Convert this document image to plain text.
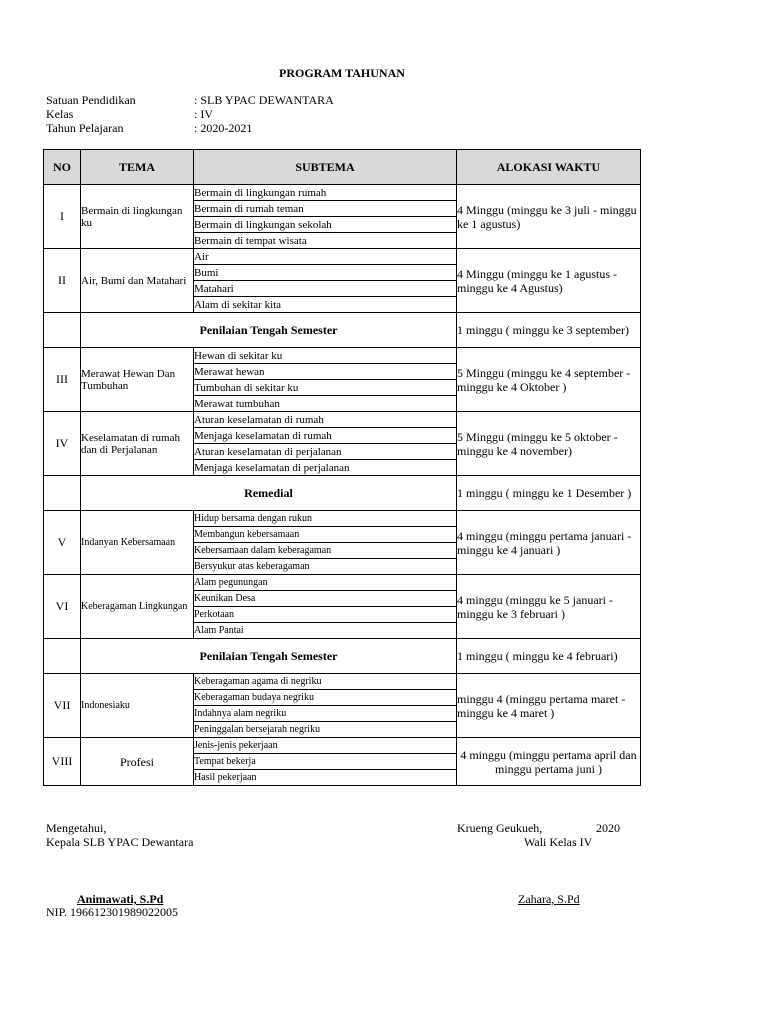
PROGRAM TAHUNAN
Satuan Pendidikan	: SLB YPAC DEWANTARA
Kelas	: IV
Tahun Pelajaran	: 2020-2021
NO	TEMA	SUBTEMA	ALOKASI WAKTU
I	Bermain di lingkungan ku	Bermain di lingkungan rumah	4 Minggu (minggu ke 3 juli - minggu ke 1 agustus)
		Bermain di rumah teman	
		Bermain di lingkungan sekolah	
		Bermain di tempat wisata	
II	Air, Bumi dan Matahari	Air	4 Minggu (minggu ke 1 agustus - minggu ke 4 Agustus)
		Bumi	
		Matahari	
		Alam di sekitar kita	
	Penilaian Tengah Semester		1 minggu ( minggu ke 3 september)
III	Merawat Hewan Dan Tumbuhan	Hewan di sekitar ku	5 Minggu (minggu ke 4 september - minggu ke 4 Oktober )
		Merawat hewan	
		Tumbuhan di sekitar ku	
		Merawat tumbuhan	
IV	Keselamatan di rumah dan di Perjalanan	Aturan keselamatan di rumah	5 Minggu (minggu ke 5 oktober - minggu ke 4 november)
		Menjaga keselamatan di rumah	
		Aturan keselamatan di perjalanan	
		Menjaga keselamatan di perjalanan	
	Remedial		1 minggu ( minggu ke 1 Desember )
V	Indanyan Kebersamaan	Hidup bersama dengan rukun	4 minggu (minggu pertama januari - minggu ke 4 januari )
		Membangun kebersamaan	
		Kebersamaan dalam keberagaman	
		Bersyukur atas keberagaman	
VI	Keberagaman Lingkungan	Alam pegunungan	4 minggu (minggu ke 5 januari - minggu ke 3 februari )
		Keunikan Desa	
		Perkotaan	
		Alam Pantai	
	Penilaian Tengah Semester		1 minggu ( minggu ke 4 februari)
VII	Indonesiaku	Keberagaman agama di negriku	minggu 4 (minggu pertama maret - minggu ke 4 maret )
		Keberagaman budaya negriku	
		Indahnya alam negriku	
		Peninggalan bersejarah negriku	
VIII	Profesi	Jenis-jenis pekerjaan	4 minggu (minggu pertama april dan minggu pertama juni )
		Tempat bekerja	
		Hasil pekerjaan	
Mengetahui,
Kepala SLB YPAC Dewantara
Krueng Geukueh,	2020
Wali Kelas IV
Animawati, S.Pd
NIP. 196612301989022005
Zahara, S.Pd
